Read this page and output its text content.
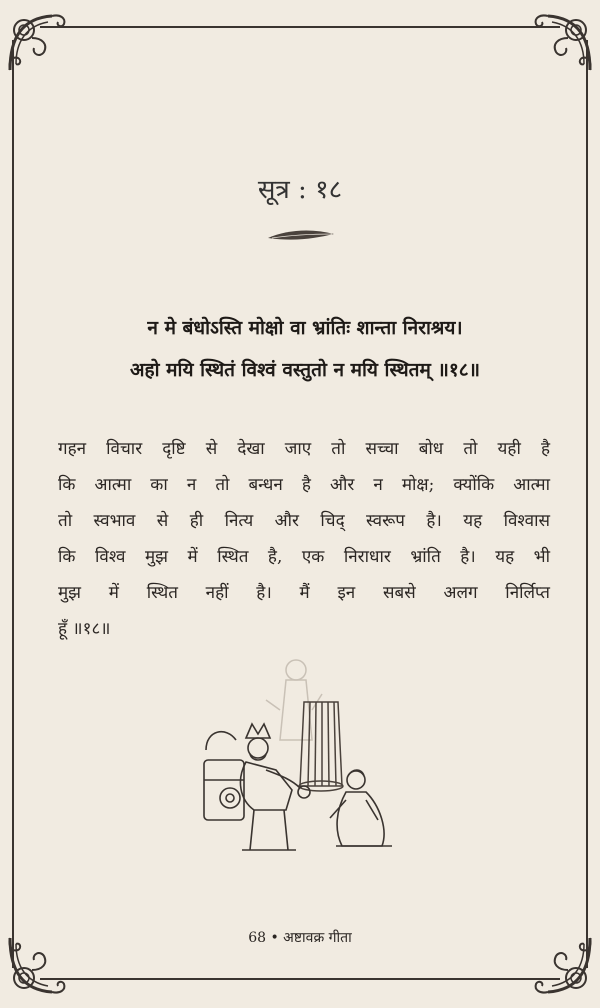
सूत्र : १८
न मे बंधोऽस्ति मोक्षो वा भ्रांतिः शान्ता निराश्रय।
अहो मयि स्थितं विश्वं वस्तुतो न मयि स्थितम् ॥१८॥
गहन विचार दृष्टि से देखा जाए तो सच्चा बोध तो यही है
कि आत्मा का न तो बन्धन है और न मोक्ष; क्योंकि आत्मा
तो स्वभाव से ही नित्य और चिद् स्वरूप है। यह विश्वास
कि विश्व मुझ में स्थित है, एक निराधार भ्रांति है। यह भी
मुझ में स्थित नहीं है। मैं इन सबसे अलग निर्लिप्त
हूँ ॥१८॥
68 • अष्टावक्र गीता
